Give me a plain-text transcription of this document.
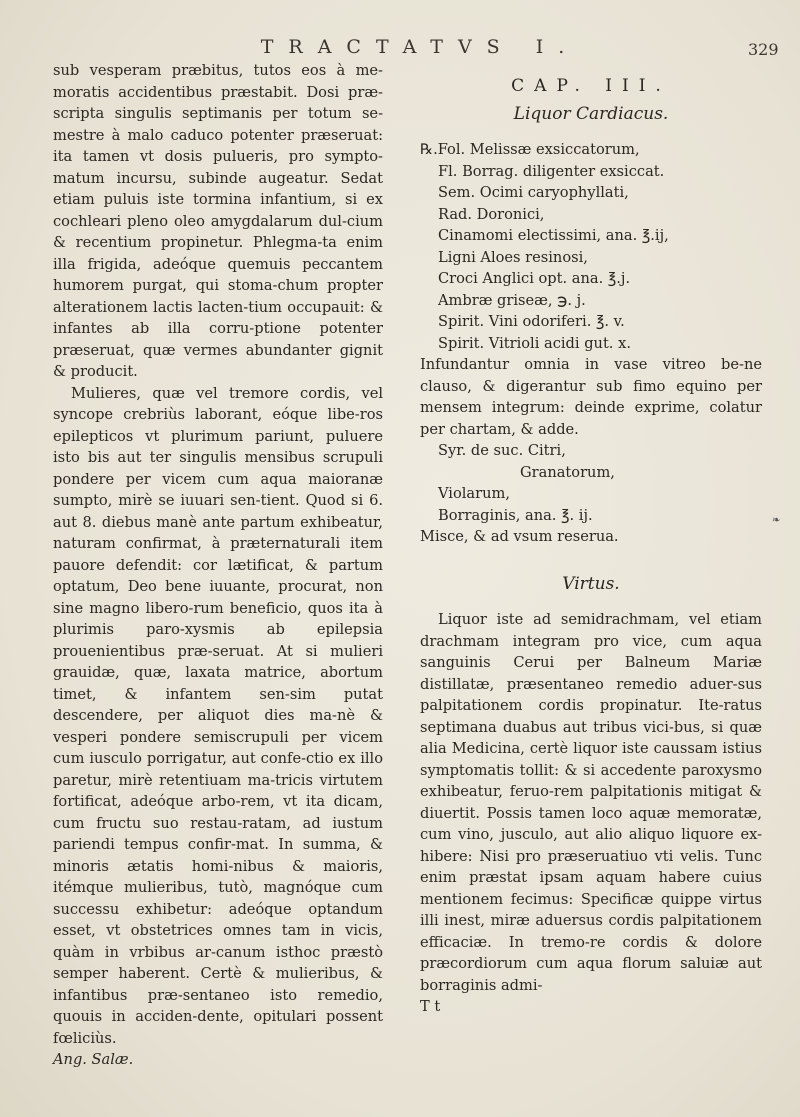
TRACTATVS I.	329

sub vesperam præbitus, tutos eos à me-moratis accidentibus præstabit. Dosi præ-scripta singulis septimanis per totum se-mestre à malo caduco potenter præseruat: ita tamen vt dosis pulueris, pro sympto-matum incursu, subinde augeatur. Sedat etiam puluis iste tormina infantium, si ex cochleari pleno oleo amygdalarum dul-cium & recentium propinetur. Phlegma-ta enim illa frigida, adeóque quemuis peccantem humorem purgat, qui stoma-chum propter alterationem lactis lacten-tium occupauit: & infantes ab illa corru-ptione potenter præseruat, quæ vermes abundanter gignit & producit.

Mulieres, quæ vel tremore cordis, vel syncope crebriùs laborant, eóque libe-ros epilepticos vt plurimum pariunt, puluere isto bis aut ter singulis mensibus scrupuli pondere per vicem cum aqua maioranæ sumpto, mirè se iuuari sen-tient. Quod si 6. aut 8. diebus manè ante partum exhibeatur, naturam confirmat, à præternaturali item pauore defendit: cor lætificat, & partum optatum, Deo bene iuuante, procurat, non sine magno libero-rum beneficio, quos ita à plurimis paro-xysmis ab epilepsia prouenientibus præ-seruat. At si mulieri grauidæ, quæ, laxata matrice, abortum timet, & infantem sen-sim putat descendere, per aliquot dies ma-nè & vesperi pondere semiscrupuli per vicem cum iusculo porrigatur, aut confe-ctio ex illo paretur, mirè retentiuam ma-tricis virtutem fortificat, adeóque arbo-rem, vt ita dicam, cum fructu suo restau-ratam, ad iustum pariendi tempus confir-mat. In summa, & minoris ætatis homi-nibus & maioris, itémque mulieribus, tutò, magnóque cum successu exhibetur: adeóque optandum esset, vt obstetrices omnes tam in vicis, quàm in vrbibus ar-canum isthoc præstò semper haberent. Certè & mulieribus, & infantibus præ-sentaneo isto remedio, quouis in acciden-dente, opitulari possent fœliciùs.

Ang. Salæ.

CAP. III.
Liquor Cardiacus.
℞.Fol. Melissæ exsiccatorum,
Fl. Borrag. diligenter exsiccat.
Sem. Ocimi caryophyllati,
Rad. Doronici,
Cinamomi electissimi, ana. ℥.ij,
Ligni Aloes resinosi,
Croci Anglici opt. ana. ℥.j.
Ambræ griseæ, ℈. j.
Spirit. Vini odoriferi. ℥. v.
Spirit. Vitrioli acidi gut. x.

Infundantur omnia in vase vitreo be-ne clauso, & digerantur sub fimo equino per mensem integrum: deinde exprime, colatur per chartam, & adde.

Syr. de suc. Citri,
Granatorum,
Violarum,
Borraginis, ana. ℥. ij.

Misce, & ad vsum reserua.

Virtus.

Liquor iste ad semidrachmam, vel etiam drachmam integram pro vice, cum aqua sanguinis Cerui per Balneum Mariæ distillatæ, præsentaneo remedio aduer-sus palpitationem cordis propinatur. Ite-ratus septimana duabus aut tribus vici-bus, si quæ alia Medicina, certè liquor iste caussam istius symptomatis tollit: & si accedente paroxysmo exhibeatur, feruo-rem palpitationis mitigat & diuertit. Possis tamen loco aquæ memoratæ, cum vino, jusculo, aut alio aliquo liquore ex-hibere: Nisi pro præseruatiuo vti velis. Tunc enim præstat ipsam aquam habere cuius mentionem fecimus: Specificæ quippe virtus illi inest, miræ aduersus cordis palpitationem efficaciæ. In tremo-re cordis & dolore præcordiorum cum aqua florum saluiæ aut borraginis admi-

T t

❧
